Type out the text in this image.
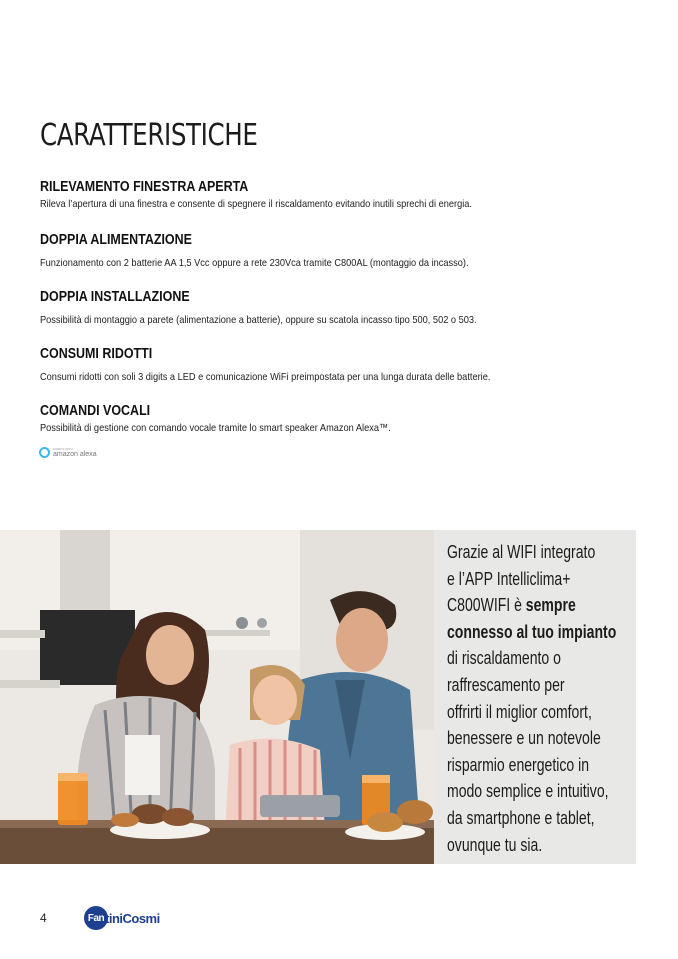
CARATTERISTICHE
RILEVAMENTO FINESTRA APERTA

Rileva l’apertura di una finestra e consente di spegnere il riscaldamento evitando inutili sprechi di energia.

DOPPIA ALIMENTAZIONE

Funzionamento con 2 batterie AA 1,5 Vcc oppure a rete 230Vca tramite C800AL (montaggio da incasso).

DOPPIA INSTALLAZIONE

Possibilità di montaggio a parete (alimentazione a batterie), oppure su scatola incasso tipo 500, 502 o 503.

CONSUMI RIDOTTI

Consumi ridotti con soli 3 digits a LED e comunicazione WiFi preimpostata per una lunga durata delle batterie.

COMANDI VOCALI

Possibilità di gestione con comando vocale tramite lo smart speaker Amazon Alexa™.

WORKS WITH
amazon alexa
Grazie al WIFI integrato
e l’APP Intelliclima+
C800WIFI è sempre
connesso al tuo impianto
di riscaldamento o
raffrescamento per
offrirti il miglior comfort,
benessere e un notevole
risparmio energetico in
modo semplice e intuitivo,
da smartphone e tablet,
ovunque tu sia.
4	Fan tiniCosmi
